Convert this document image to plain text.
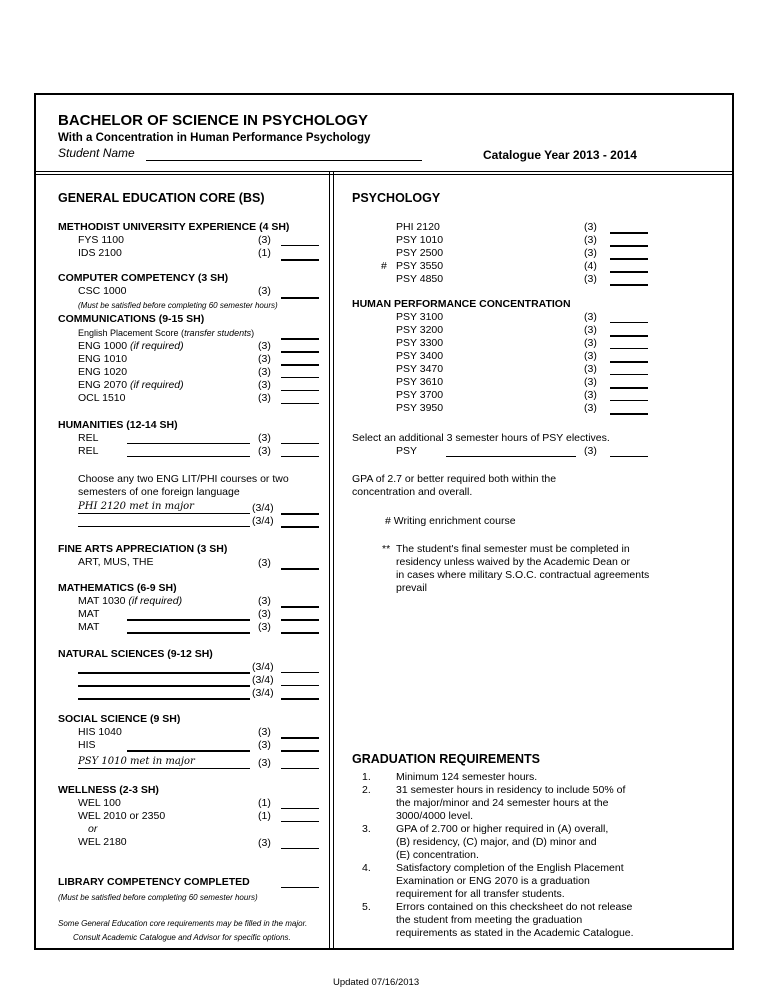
BACHELOR OF SCIENCE IN PSYCHOLOGY
With a Concentration in Human Performance Psychology
Student Name	Catalogue Year 2013 - 2014
GENERAL EDUCATION CORE (BS)
METHODIST UNIVERSITY EXPERIENCE (4 SH)
FYS 1100	(3)
IDS 2100	(1)
COMPUTER COMPETENCY (3 SH)
CSC 1000	(3)
(Must be satisfied before completing 60 semester hours)
COMMUNICATIONS (9-15 SH)
English Placement Score (transfer students)
ENG 1000 (if required)	(3)
ENG 1010	(3)
ENG 1020	(3)
ENG 2070 (if required)	(3)
OCL 1510	(3)
HUMANITIES (12-14 SH)
REL	(3)
REL	(3)
Choose any two ENG LIT/PHI courses or two
semesters of one foreign language
PHI 2120 met in major	(3/4)
(3/4)
FINE ARTS APPRECIATION (3 SH)
ART, MUS, THE	(3)
MATHEMATICS (6-9 SH)
MAT 1030 (if required)	(3)
MAT	(3)
MAT	(3)
NATURAL SCIENCES (9-12 SH)
(3/4)
(3/4)
(3/4)
SOCIAL SCIENCE (9 SH)
HIS 1040	(3)
HIS	(3)
PSY 1010 met in major	(3)
WELLNESS (2-3 SH)
WEL 100	(1)
WEL 2010 or 2350	(1)
or
WEL 2180	(3)
LIBRARY COMPETENCY COMPLETED
(Must be satisfied before completing 60 semester hours)
Some General Education core requirements may be filled in the major.
Consult Academic Catalogue and Advisor for specific options.
PSYCHOLOGY
PHI 2120	(3)
PSY 1010	(3)
PSY 2500	(3)
# PSY 3550	(4)
PSY 4850	(3)
HUMAN PERFORMANCE CONCENTRATION
PSY 3100	(3)
PSY 3200	(3)
PSY 3300	(3)
PSY 3400	(3)
PSY 3470	(3)
PSY 3610	(3)
PSY 3700	(3)
PSY 3950	(3)
Select an additional 3 semester hours of PSY electives.
PSY	(3)
GPA of 2.7 or better required both within the
concentration and overall.
# Writing enrichment course
** The student's final semester must be completed in
residency unless waived by the Academic Dean or
in cases where military S.O.C. contractual agreements
prevail
GRADUATION REQUIREMENTS
1. Minimum 124 semester hours.
2. 31 semester hours in residency to include 50% of
the major/minor and 24 semester hours at the
3000/4000 level.
3. GPA of 2.700 or higher required in (A) overall,
(B) residency, (C) major, and (D) minor and
(E) concentration.
4. Satisfactory completion of the English Placement
Examination or ENG 2070 is a graduation
requirement for all transfer students.
5. Errors contained on this checksheet do not release
the student from meeting the graduation
requirements as stated in the Academic Catalogue.
Updated 07/16/2013
